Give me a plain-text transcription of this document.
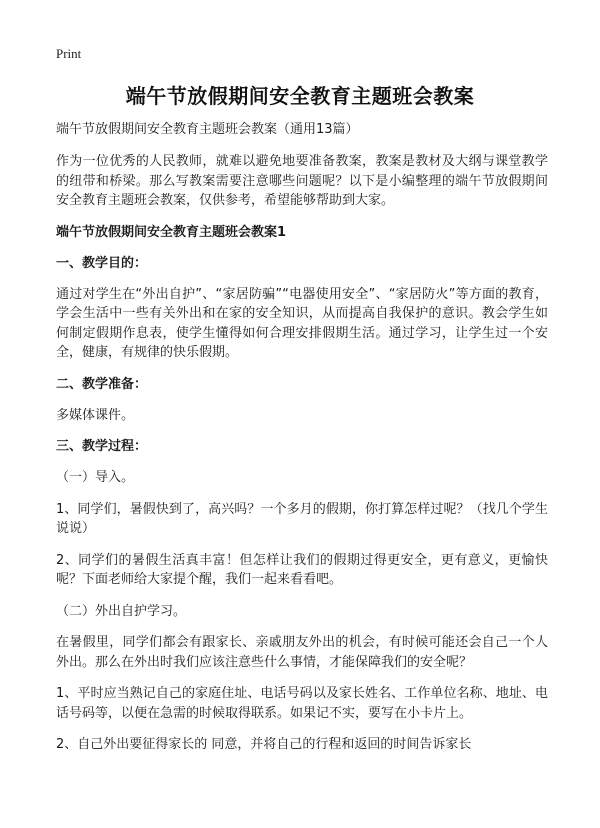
Print
端午节放假期间安全教育主题班会教案
端午节放假期间安全教育主题班会教案（通用13篇）

作为一位优秀的人民教师，就难以避免地要准备教案，教案是教材及大纲与课堂教学的纽带和桥梁。那么写教案需要注意哪些问题呢？以下是小编整理的端午节放假期间安全教育主题班会教案，仅供参考，希望能够帮助到大家。

端午节放假期间安全教育主题班会教案1
一、教学目的：

通过对学生在“外出自护”、“家居防骗”“电器使用安全”、“家居防火”等方面的教育，学会生活中一些有关外出和在家的安全知识，从而提高自我保护的意识。教会学生如何制定假期作息表，使学生懂得如何合理安排假期生活。通过学习，让学生过一个安全，健康，有规律的快乐假期。

二、教学准备：

多媒体课件。

三、教学过程：

（一）导入。

1、同学们，暑假快到了，高兴吗？一个多月的假期，你打算怎样过呢？（找几个学生说说）

2、同学们的暑假生活真丰富！但怎样让我们的假期过得更安全，更有意义，更愉快呢？下面老师给大家提个醒，我们一起来看看吧。

（二）外出自护学习。

在暑假里，同学们都会有跟家长、亲戚朋友外出的机会，有时候可能还会自己一个人外出。那么在外出时我们应该注意些什么事情，才能保障我们的安全呢？

1、平时应当熟记自己的家庭住址、电话号码以及家长姓名、工作单位名称、地址、电话号码等，以便在急需的时候取得联系。如果记不实，要写在小卡片上。

2、自己外出要征得家长的 同意，并将自己的行程和返回的时间告诉家长
